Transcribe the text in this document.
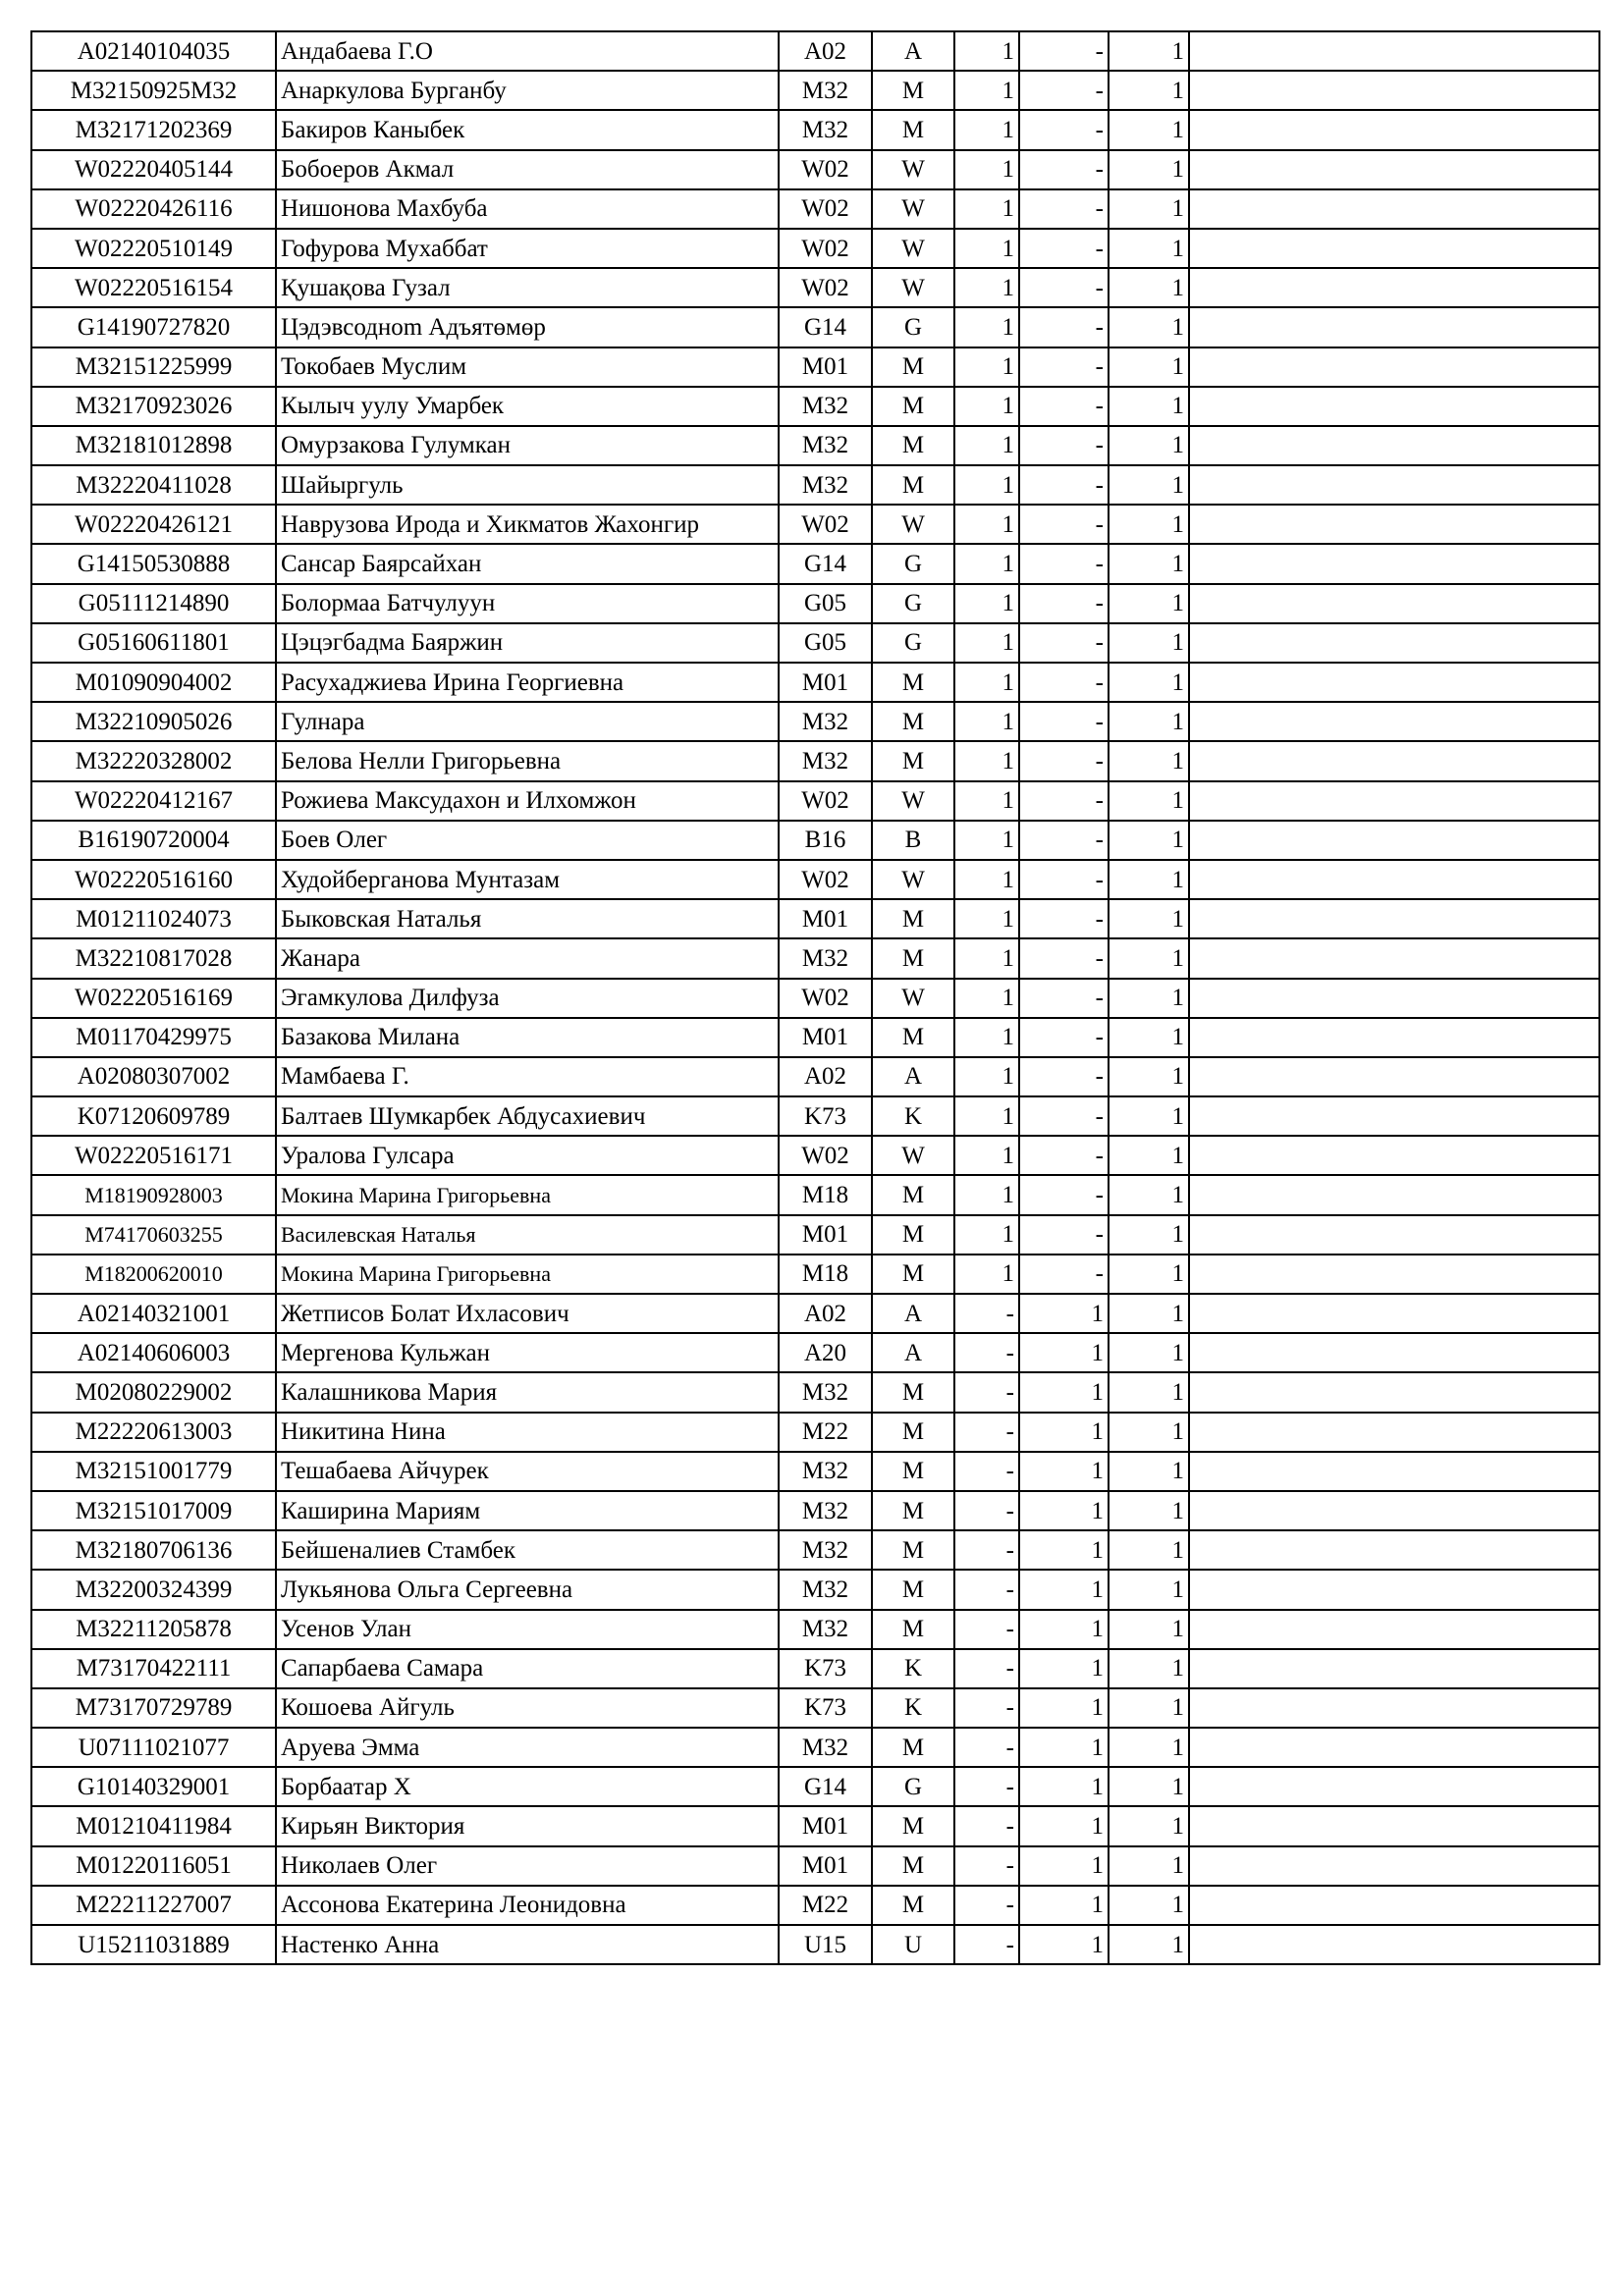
A02140104035	Андабаева Г.О	A02	A	1	-	1	
M32150925M32	Анаркулова Бурганбу	M32	M	1	-	1	
M32171202369	Бакиров Каныбек	M32	M	1	-	1	
W02220405144	Бобоеров Акмал	W02	W	1	-	1	
W02220426116	Нишонова Махбуба	W02	W	1	-	1	
W02220510149	Гофурова Мухаббат	W02	W	1	-	1	
W02220516154	Қушақова Гузал	W02	W	1	-	1	
G14190727820	Цэдэвсоднom Адъятөмөр	G14	G	1	-	1	
M32151225999	Токобаев Муслим	M01	M	1	-	1	
M32170923026	Кылыч уулу Умарбек	M32	M	1	-	1	
M32181012898	Омурзакова Гулумкан	M32	M	1	-	1	
M32220411028	Шайыргуль	M32	M	1	-	1	
W02220426121	Наврузова Ирода и Хикматов Жахонгир	W02	W	1	-	1	
G14150530888	Сансар Баярсайхан	G14	G	1	-	1	
G05111214890	Болормаа Батчулуун	G05	G	1	-	1	
G05160611801	Цэцэгбадма Баяржин	G05	G	1	-	1	
M01090904002	Расухаджиева Ирина Георгиевна	M01	M	1	-	1	
M32210905026	Гулнара	M32	M	1	-	1	
M32220328002	Белова Нелли Григорьевна	M32	M	1	-	1	
W02220412167	Рожиева Максудахон и Илхомжон	W02	W	1	-	1	
B16190720004	Боев Олег	B16	B	1	-	1	
W02220516160	Худойберганова Мунтазам	W02	W	1	-	1	
M01211024073	Быковская Наталья	M01	M	1	-	1	
M32210817028	Жанара	M32	M	1	-	1	
W02220516169	Эгамкулова Дилфуза	W02	W	1	-	1	
M01170429975	Базакова Милана	M01	M	1	-	1	
A02080307002	Мамбаева Г.	A02	A	1	-	1	
K07120609789	Балтаев Шумкарбек Абдусахиевич	K73	K	1	-	1	
W02220516171	Уралова Гулсара	W02	W	1	-	1	
M18190928003	Мокина Марина Григорьевна	M18	M	1	-	1	
M74170603255	Василевская Наталья	M01	M	1	-	1	
M18200620010	Мокина Марина Григорьевна	M18	M	1	-	1	
A02140321001	Жетписов Болат Ихласович	A02	A	-	1	1	
A02140606003	Мергенова Кульжан	A20	A	-	1	1	
M02080229002	Калашникова Мария	M32	M	-	1	1	
M22220613003	Никитина Нина	M22	M	-	1	1	
M32151001779	Тешабаева Айчурек	M32	M	-	1	1	
M32151017009	Каширина Мариям	M32	M	-	1	1	
M32180706136	Бейшеналиев Стамбек	M32	M	-	1	1	
M32200324399	Лукьянова Ольга Сергеевна	M32	M	-	1	1	
M32211205878	Усенов Улан	M32	M	-	1	1	
M73170422111	Сапарбаева Самара	K73	K	-	1	1	
M73170729789	Кошоева Айгуль	K73	K	-	1	1	
U07111021077	Аруева Эмма	M32	M	-	1	1	
G10140329001	Борбаатар Х	G14	G	-	1	1	
M01210411984	Кирьян Виктория	M01	M	-	1	1	
M01220116051	Николаев Олег	M01	M	-	1	1	
M22211227007	Ассонова Екатерина Леонидовна	M22	M	-	1	1	
U15211031889	Настенко Анна	U15	U	-	1	1	
